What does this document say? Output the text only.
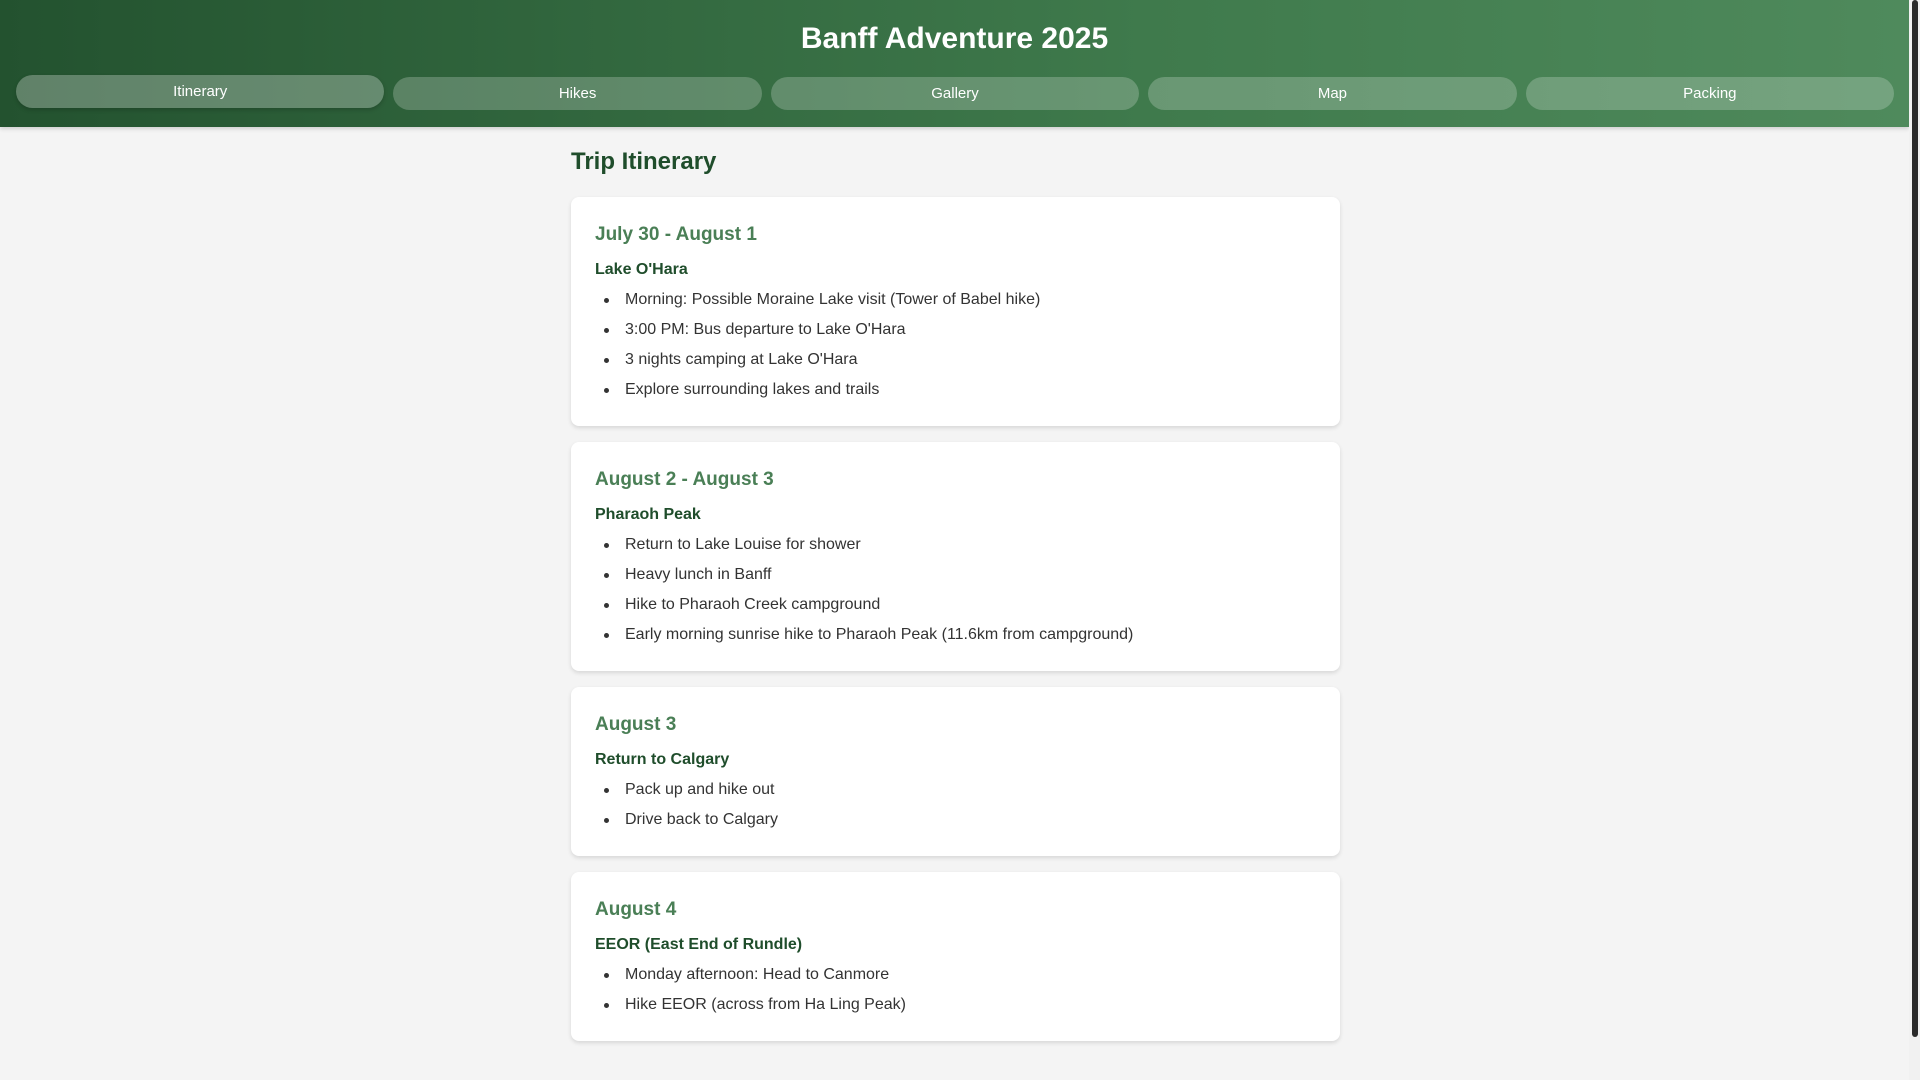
Banff Adventure 2025
Itinerary	Hikes	Gallery	Map	Packing
Trip Itinerary
July 30 - August 1
Lake O'Hara
Morning: Possible Moraine Lake visit (Tower of Babel hike)
3:00 PM: Bus departure to Lake O'Hara
3 nights camping at Lake O'Hara
Explore surrounding lakes and trails
August 2 - August 3
Pharaoh Peak
Return to Lake Louise for shower
Heavy lunch in Banff
Hike to Pharaoh Creek campground
Early morning sunrise hike to Pharaoh Peak (11.6km from campground)
August 3
Return to Calgary
Pack up and hike out
Drive back to Calgary
August 4
EEOR (East End of Rundle)
Monday afternoon: Head to Canmore
Hike EEOR (across from Ha Ling Peak)
